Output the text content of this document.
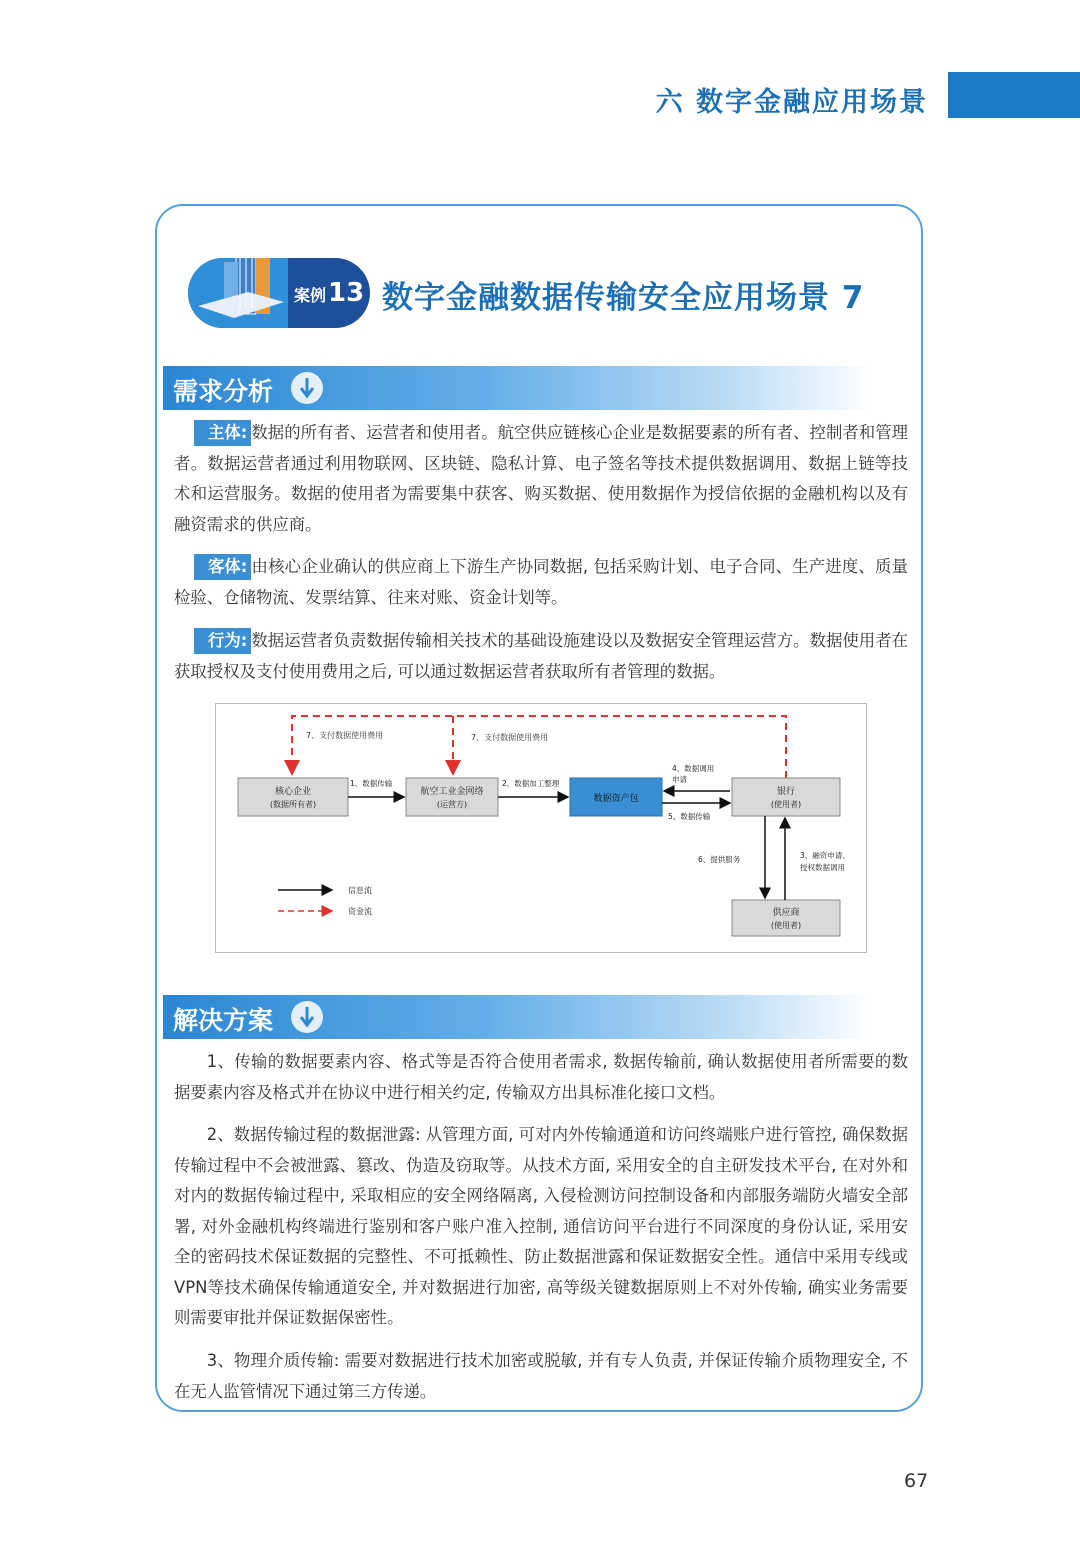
六 数字金融应用场景
案例13 数字金融数据传输安全应用场景 7
需求分析
主体: 数据的所有者、运营者和使用者。航空供应链核心企业是数据要素的所有者、控制者和管理者。数据运营者通过利用物联网、区块链、隐私计算、电子签名等技术提供数据调用、数据上链等技术和运营服务。数据的使用者为需要集中获客、购买数据、使用数据作为授信依据的金融机构以及有融资需求的供应商。
客体: 由核心企业确认的供应商上下游生产协同数据, 包括采购计划、电子合同、生产进度、质量检验、仓储物流、发票结算、往来对账、资金计划等。
行为: 数据运营者负责数据传输相关技术的基础设施建设以及数据安全管理运营方。数据使用者在获取授权及支付使用费用之后, 可以通过数据运营者获取所有者管理的数据。
7、支付数据使用费用	7、支付数据使用费用
核心企业
(数据所有者)
航空工业金网络
(运营方)
数据资产包
银行
(使用者)
供应商
(使用者)
1、数据传输	2、数据加工整理
4、数据调用 申请
5、数据传输
6、提供服务	3、融资申请、 授权数据调用
信息流
资金流
解决方案
1、传输的数据要素内容、格式等是否符合使用者需求, 数据传输前, 确认数据使用者所需要的数据要素内容及格式并在协议中进行相关约定, 传输双方出具标准化接口文档。
2、数据传输过程的数据泄露: 从管理方面, 可对内外传输通道和访问终端账户进行管控, 确保数据传输过程中不会被泄露、篡改、伪造及窃取等。从技术方面, 采用安全的自主研发技术平台, 在对外和对内的数据传输过程中, 采取相应的安全网络隔离, 入侵检测访问控制设备和内部服务端防火墙安全部署, 对外金融机构终端进行鉴别和客户账户准入控制, 通信访问平台进行不同深度的身份认证, 采用安全的密码技术保证数据的完整性、不可抵赖性、防止数据泄露和保证数据安全性。通信中采用专线或VPN等技术确保传输通道安全, 并对数据进行加密, 高等级关键数据原则上不对外传输, 确实业务需要则需要审批并保证数据保密性。
3、物理介质传输: 需要对数据进行技术加密或脱敏, 并有专人负责, 并保证传输介质物理安全, 不在无人监管情况下通过第三方传递。
67
